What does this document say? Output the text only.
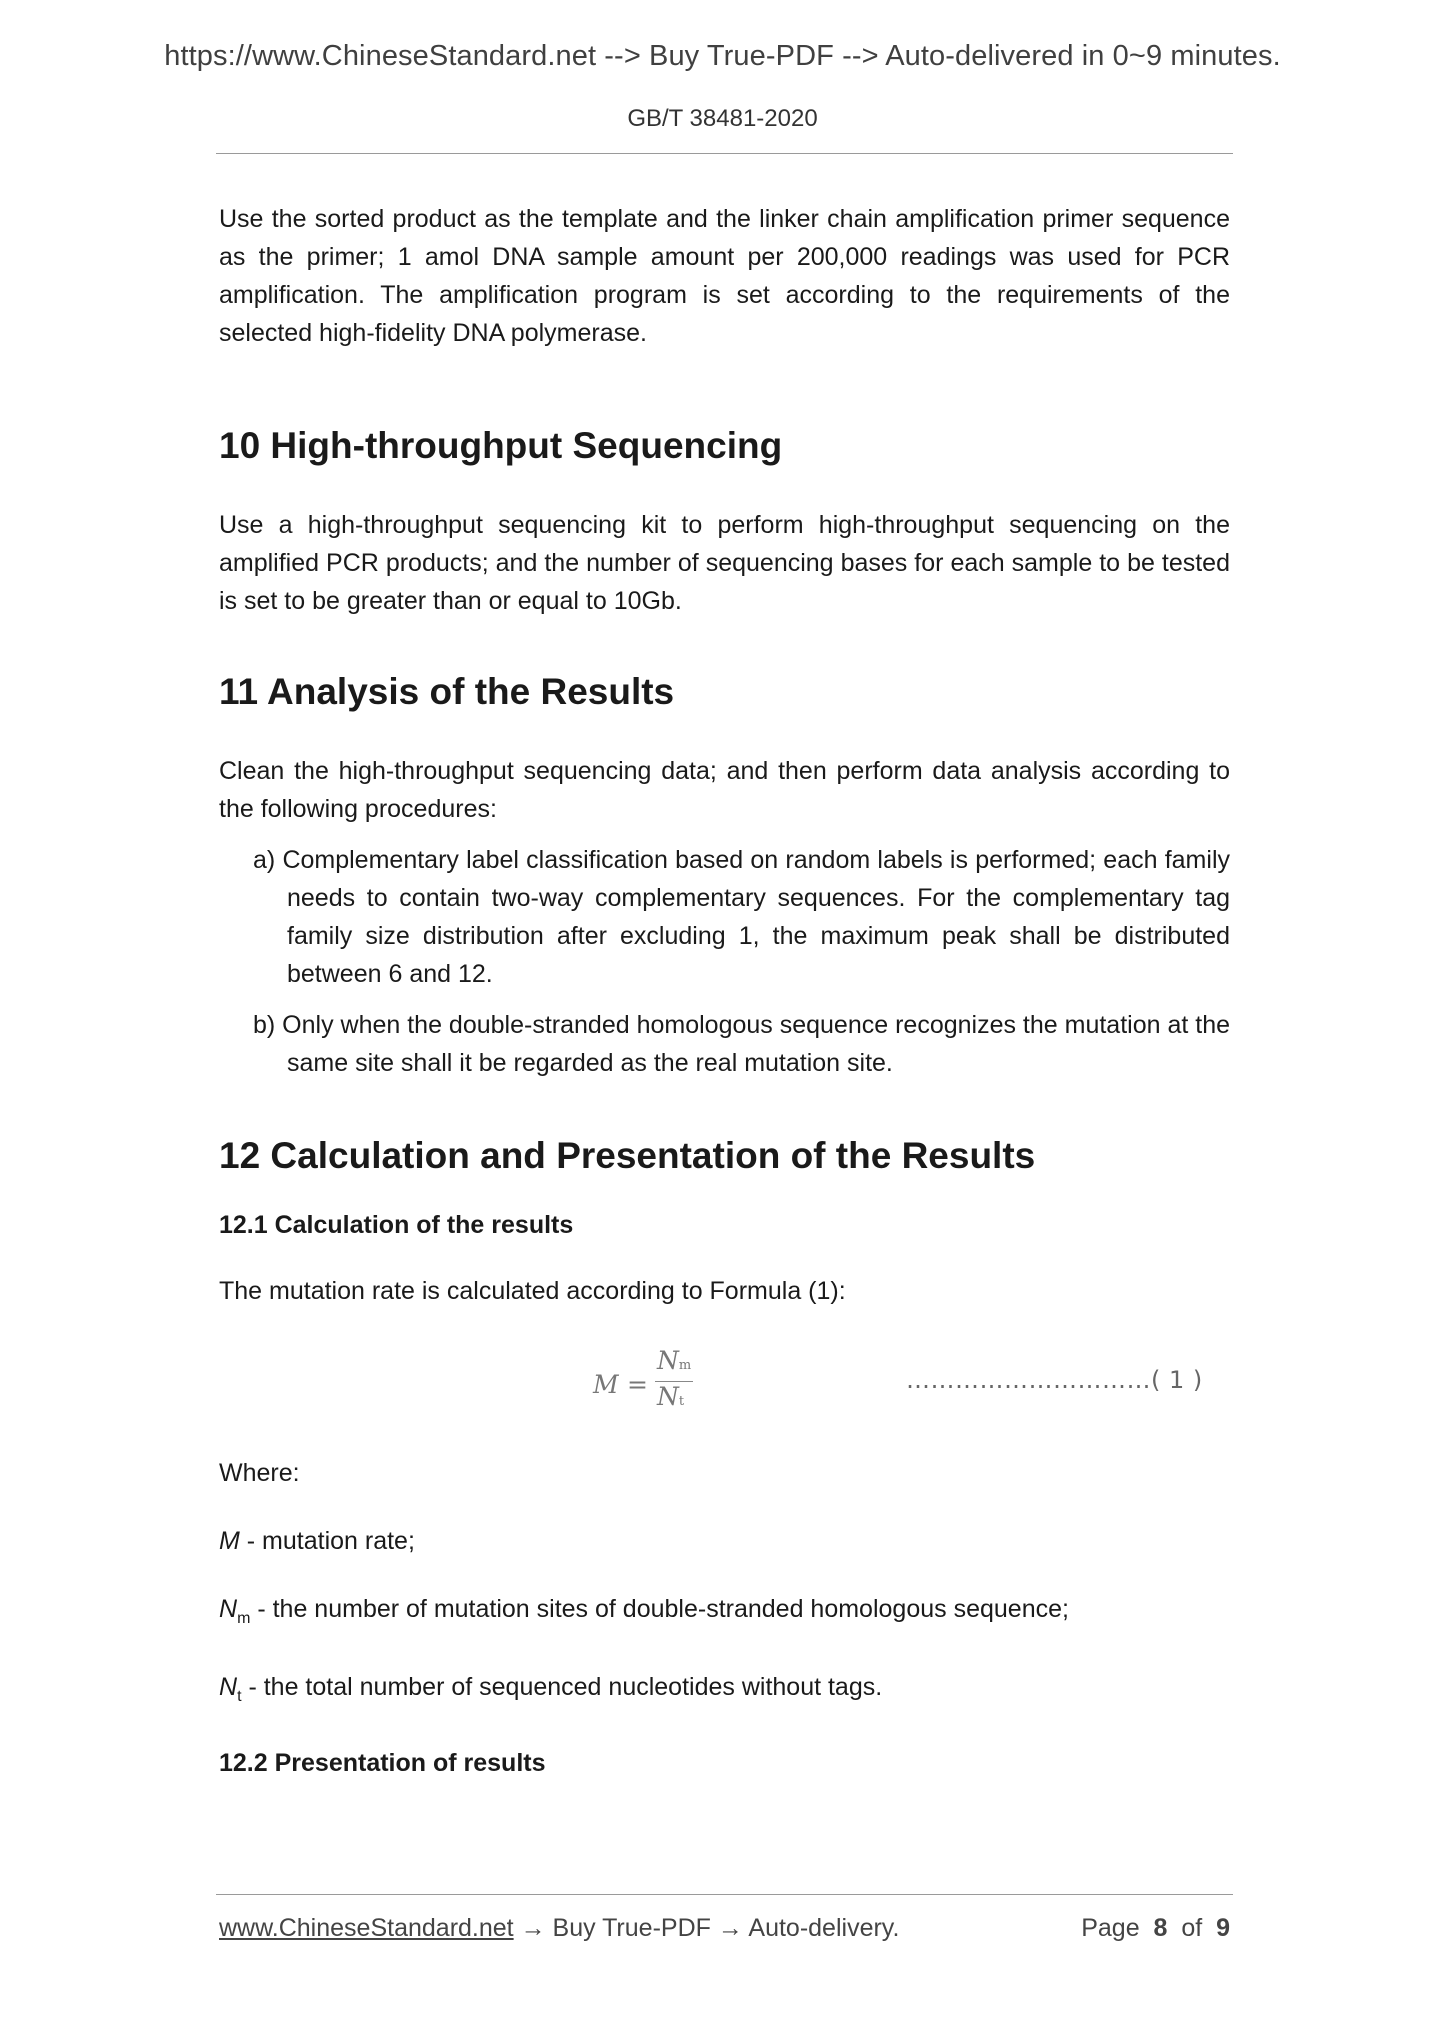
https://www.ChineseStandard.net --> Buy True-PDF --> Auto-delivered in 0~9 minutes.
GB/T 38481-2020

Use the sorted product as the template and the linker chain amplification primer sequence as the primer; 1 amol DNA sample amount per 200,000 readings was used for PCR amplification. The amplification program is set according to the requirements of the selected high-fidelity DNA polymerase.

10 High-throughput Sequencing

Use a high-throughput sequencing kit to perform high-throughput sequencing on the amplified PCR products; and the number of sequencing bases for each sample to be tested is set to be greater than or equal to 10Gb.

11 Analysis of the Results

Clean the high-throughput sequencing data; and then perform data analysis according to the following procedures:

a) Complementary label classification based on random labels is performed; each family needs to contain two-way complementary sequences. For the complementary tag family size distribution after excluding 1, the maximum peak shall be distributed between 6 and 12.

b) Only when the double-stranded homologous sequence recognizes the mutation at the same site shall it be regarded as the real mutation site.

12 Calculation and Presentation of the Results
12.1 Calculation of the results

The mutation rate is calculated according to Formula (1):

M =
Nm
Nt
…………………………( 1 )

Where:

M - mutation rate;

$N_m$ - the number of mutation sites of double-stranded homologous sequence;

$N_t$ - the total number of sequenced nucleotides without tags.

12.2 Presentation of results
www.ChineseStandard.net → Buy True-PDF → Auto-delivery.	Page 8 of 9
